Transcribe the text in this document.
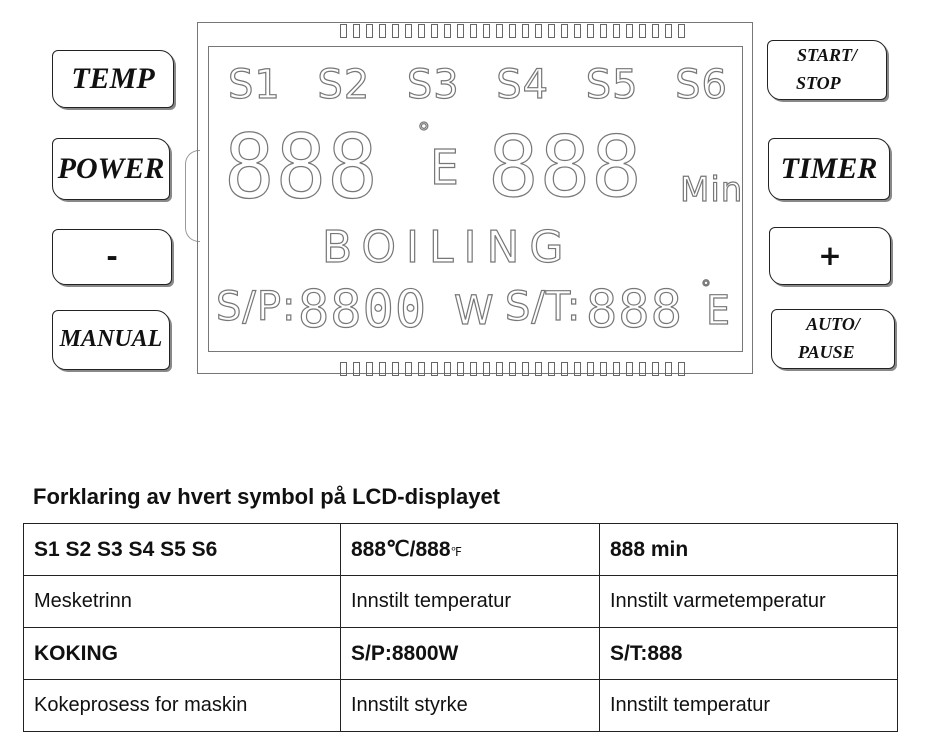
TEMP
POWER
-
MANUAL
START/
STOP
TIMER
+
AUTO/
PAUSE
S1 S2 S3 S4 S5 S6
888 °
E 888 Min
BOILING
S/P: 8800 W S/T: 888 °
E
Forklaring av hvert symbol på LCD-displayet
S1 S2 S3 S4 S5 S6	888℃/888℉	888 min
Mesketrinn	Innstilt temperatur	Innstilt varmetemperatur
KOKING	S/P:8800W	S/T:888
Kokeprosess for maskin	Innstilt styrke	Innstilt temperatur
